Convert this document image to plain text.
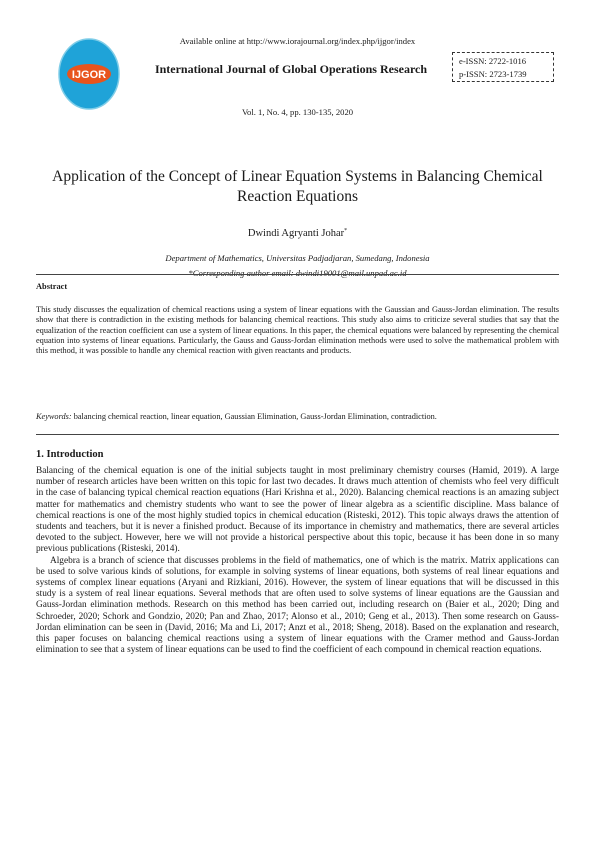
Available online at http://www.iorajournal.org/index.php/ijgor/index
IJGOR	International Journal of Global Operations Research
e-ISSN: 2722-1016
p-ISSN: 2723-1739
Vol. 1, No. 4, pp. 130-135, 2020
Application of the Concept of Linear Equation Systems in Balancing Chemical Reaction Equations
Dwindi Agryanti Johar*
Department of Mathematics, Universitas Padjadjaran, Sumedang, Indonesia
*Corresponding author email: dwindi19001@mail.unpad.ac.id
Abstract
This study discusses the equalization of chemical reactions using a system of linear equations with the Gaussian and Gauss-Jordan elimination. The results show that there is contradiction in the existing methods for balancing chemical reactions. This study also aims to criticize several studies that say that the equalization of the reaction coefficient can use a system of linear equations. In this paper, the chemical equations were balanced by representing the chemical equation into systems of linear equations. Particularly, the Gauss and Gauss-Jordan elimination methods were used to solve the mathematical problem with this method, it was possible to handle any chemical reaction with given reactants and products.
Keywords: balancing chemical reaction, linear equation, Gaussian Elimination, Gauss-Jordan Elimination, contradiction.
1. Introduction

Balancing of the chemical equation is one of the initial subjects taught in most preliminary chemistry courses (Hamid, 2019). A large number of research articles have been written on this topic for last two decades. It draws much attention of chemists who feel very difficult in the case of balancing typical chemical reaction equations (Hari Krishna et al., 2020). Balancing chemical reactions is an amazing subject matter for mathematics and chemistry students who want to see the power of linear algebra as a scientific discipline. Mass balance of chemical reactions is one of the most highly studied topics in chemical education (Risteski, 2012). This topic always draws the attention of students and teachers, but it is never a finished product. Because of its importance in chemistry and mathematics, there are several articles devoted to the subject. However, here we will not provide a historical perspective about this topic, because it has been done in so many previous publications (Risteski, 2014).

Algebra is a branch of science that discusses problems in the field of mathematics, one of which is the matrix. Matrix applications can be used to solve various kinds of solutions, for example in solving systems of linear equations, both systems of real linear equations and systems of complex linear equations (Aryani and Rizkiani, 2016). However, the system of linear equations that will be discussed in this study is a system of real linear equations. Several methods that are often used to solve systems of linear equations are the Gaussian and Gauss-Jordan elimination methods. Research on this method has been carried out, including research on (Baier et al., 2020; Ding and Schroeder, 2020; Schork and Gondzio, 2020; Pan and Zhao, 2017; Alonso et al., 2010; Geng et al., 2013). Then some research on Gauss-Jordan elimination can be seen in (David, 2016; Ma and Li, 2017; Anzt et al., 2018; Sheng, 2018). Based on the explanation and research, this paper focuses on balancing chemical reactions using a system of linear equations with the Cramer method and Gauss-Jordan elimination to see that a system of linear equations can be used to find the coefficient of each compound in chemical reaction equations.
